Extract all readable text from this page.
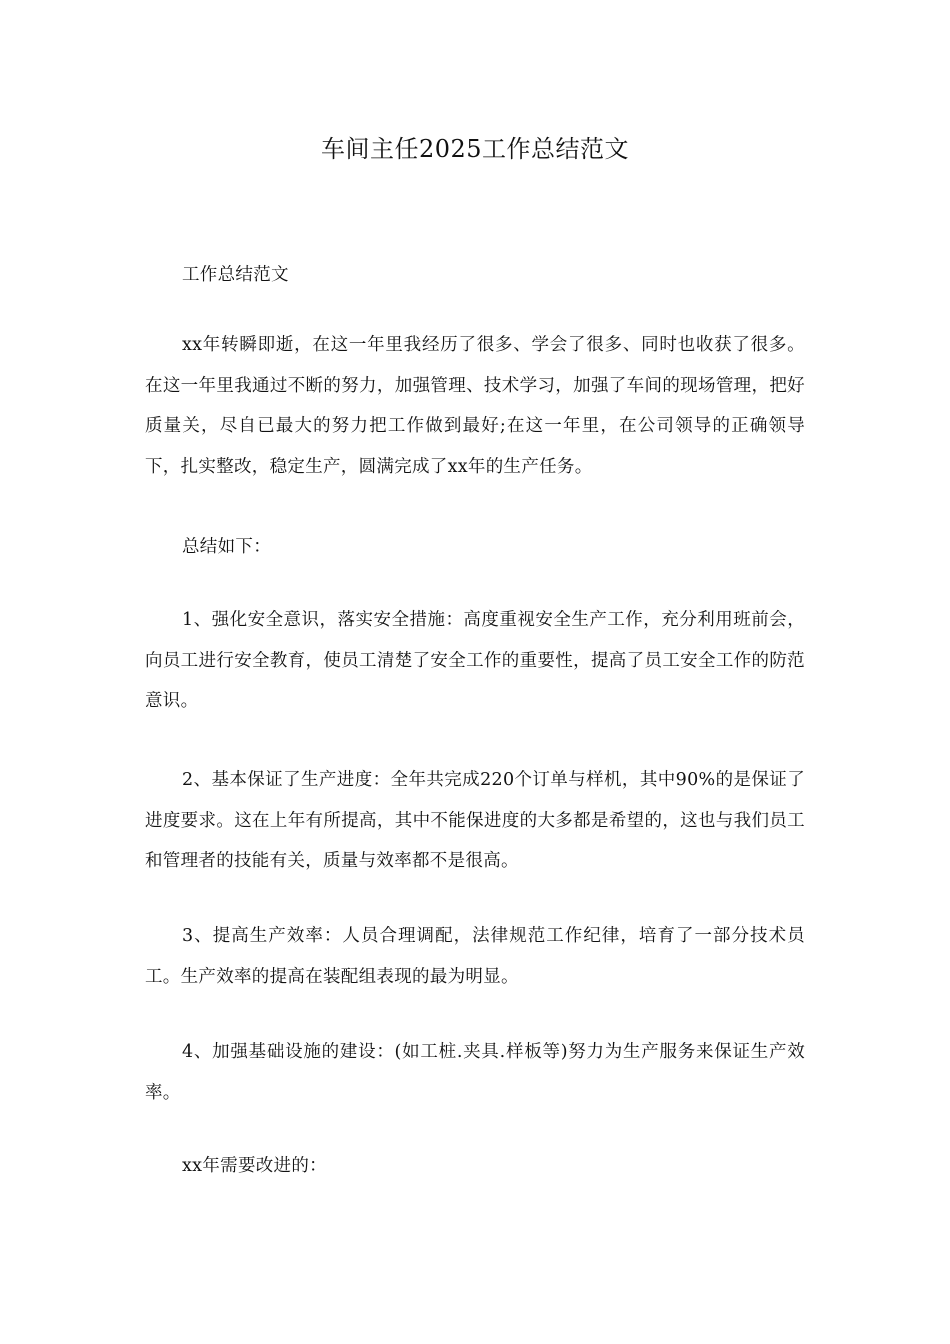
车间主任2025工作总结范文

工作总结范文

xx年转瞬即逝，在这一年里我经历了很多、学会了很多、同时也收获了很多。在这一年里我通过不断的努力，加强管理、技术学习，加强了车间的现场管理，把好质量关，尽自已最大的努力把工作做到最好;在这一年里，在公司领导的正确领导下，扎实整改，稳定生产，圆满完成了xx年的生产任务。

总结如下：

1、强化安全意识，落实安全措施：高度重视安全生产工作，充分利用班前会，向员工进行安全教育，使员工清楚了安全工作的重要性，提高了员工安全工作的防范意识。

2、基本保证了生产进度：全年共完成220个订单与样机，其中90%的是保证了进度要求。这在上年有所提高，其中不能保进度的大多都是希望的，这也与我们员工和管理者的技能有关，质量与效率都不是很高。

3、提高生产效率：人员合理调配，法律规范工作纪律，培育了一部分技术员工。生产效率的提高在装配组表现的最为明显。

4、加强基础设施的建设：(如工桩.夹具.样板等)努力为生产服务来保证生产效率。

xx年需要改进的：
